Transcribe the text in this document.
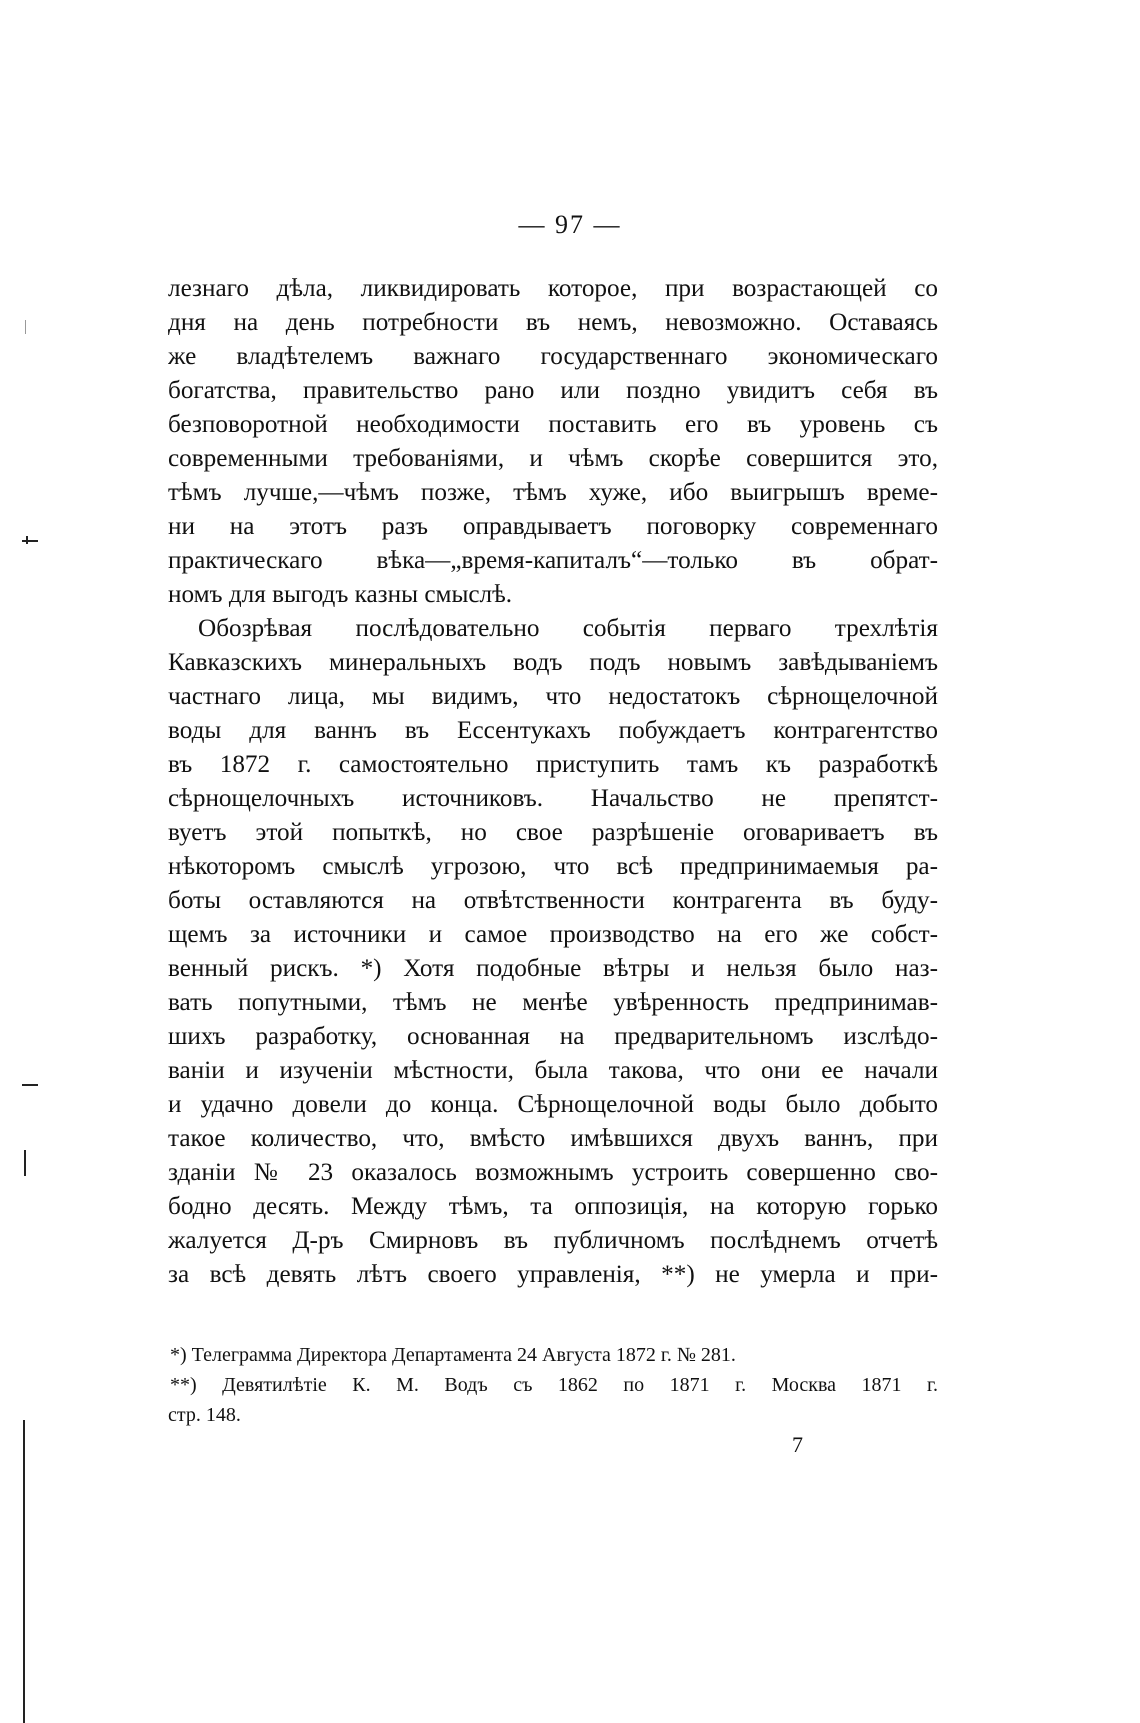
— 97 —
лезнаго дѣла, ликвидировать которое, при возрастающей со
дня на день потребности въ немъ, невозможно. Оставаясь
же владѣтелемъ важнаго государственнаго экономическаго
богатства, правительство рано или поздно увидитъ себя въ
безповоротной необходимости поставить его въ уровень съ
современными требованіями, и чѣмъ скорѣе совершится это,
тѣмъ лучше,—чѣмъ позже, тѣмъ хуже, ибо выигрышъ време-
ни на этотъ разъ оправдываетъ поговорку современнаго
практическаго вѣка—„время-капиталъ“—только въ обрат-
номъ для выгодъ казны смыслѣ.
Обозрѣвая послѣдовательно событія перваго трехлѣтія
Кавказскихъ минеральныхъ водъ подъ новымъ завѣдываніемъ
частнаго лица, мы видимъ, что недостатокъ сѣрнощелочной
воды для ваннъ въ Ессентукахъ побуждаетъ контрагентство
въ 1872 г. самостоятельно приступить тамъ къ разработкѣ
сѣрнощелочныхъ источниковъ. Начальство не препятст-
вуетъ этой попыткѣ, но свое разрѣшеніе оговариваетъ въ
нѣкоторомъ смыслѣ угрозою, что всѣ предпринимаемыя ра-
боты оставляются на отвѣтственности контрагента въ буду-
щемъ за источники и самое производство на его же собст-
венный рискъ. *) Хотя подобные вѣтры и нельзя было наз-
вать попутными, тѣмъ не менѣе увѣренность предпринимав-
шихъ разработку, основанная на предварительномъ изслѣдо-
ваніи и изученіи мѣстности, была такова, что они ее начали
и удачно довели до конца. Сѣрнощелочной воды было добыто
такое количество, что, вмѣсто имѣвшихся двухъ ваннъ, при
зданіи № 23 оказалось возможнымъ устроить совершенно сво-
бодно десять. Между тѣмъ, та оппозиція, на которую горько
жалуется Д-ръ Смирновъ въ публичномъ послѣднемъ отчетѣ
за всѣ девять лѣтъ своего управленія, **) не умерла и при-
*) Телеграмма Директора Департамента 24 Августа 1872 г. № 281.
**) Девятилѣтіе К. М. Водъ съ 1862 по 1871 г. Москва 1871 г.
стр. 148.
7
